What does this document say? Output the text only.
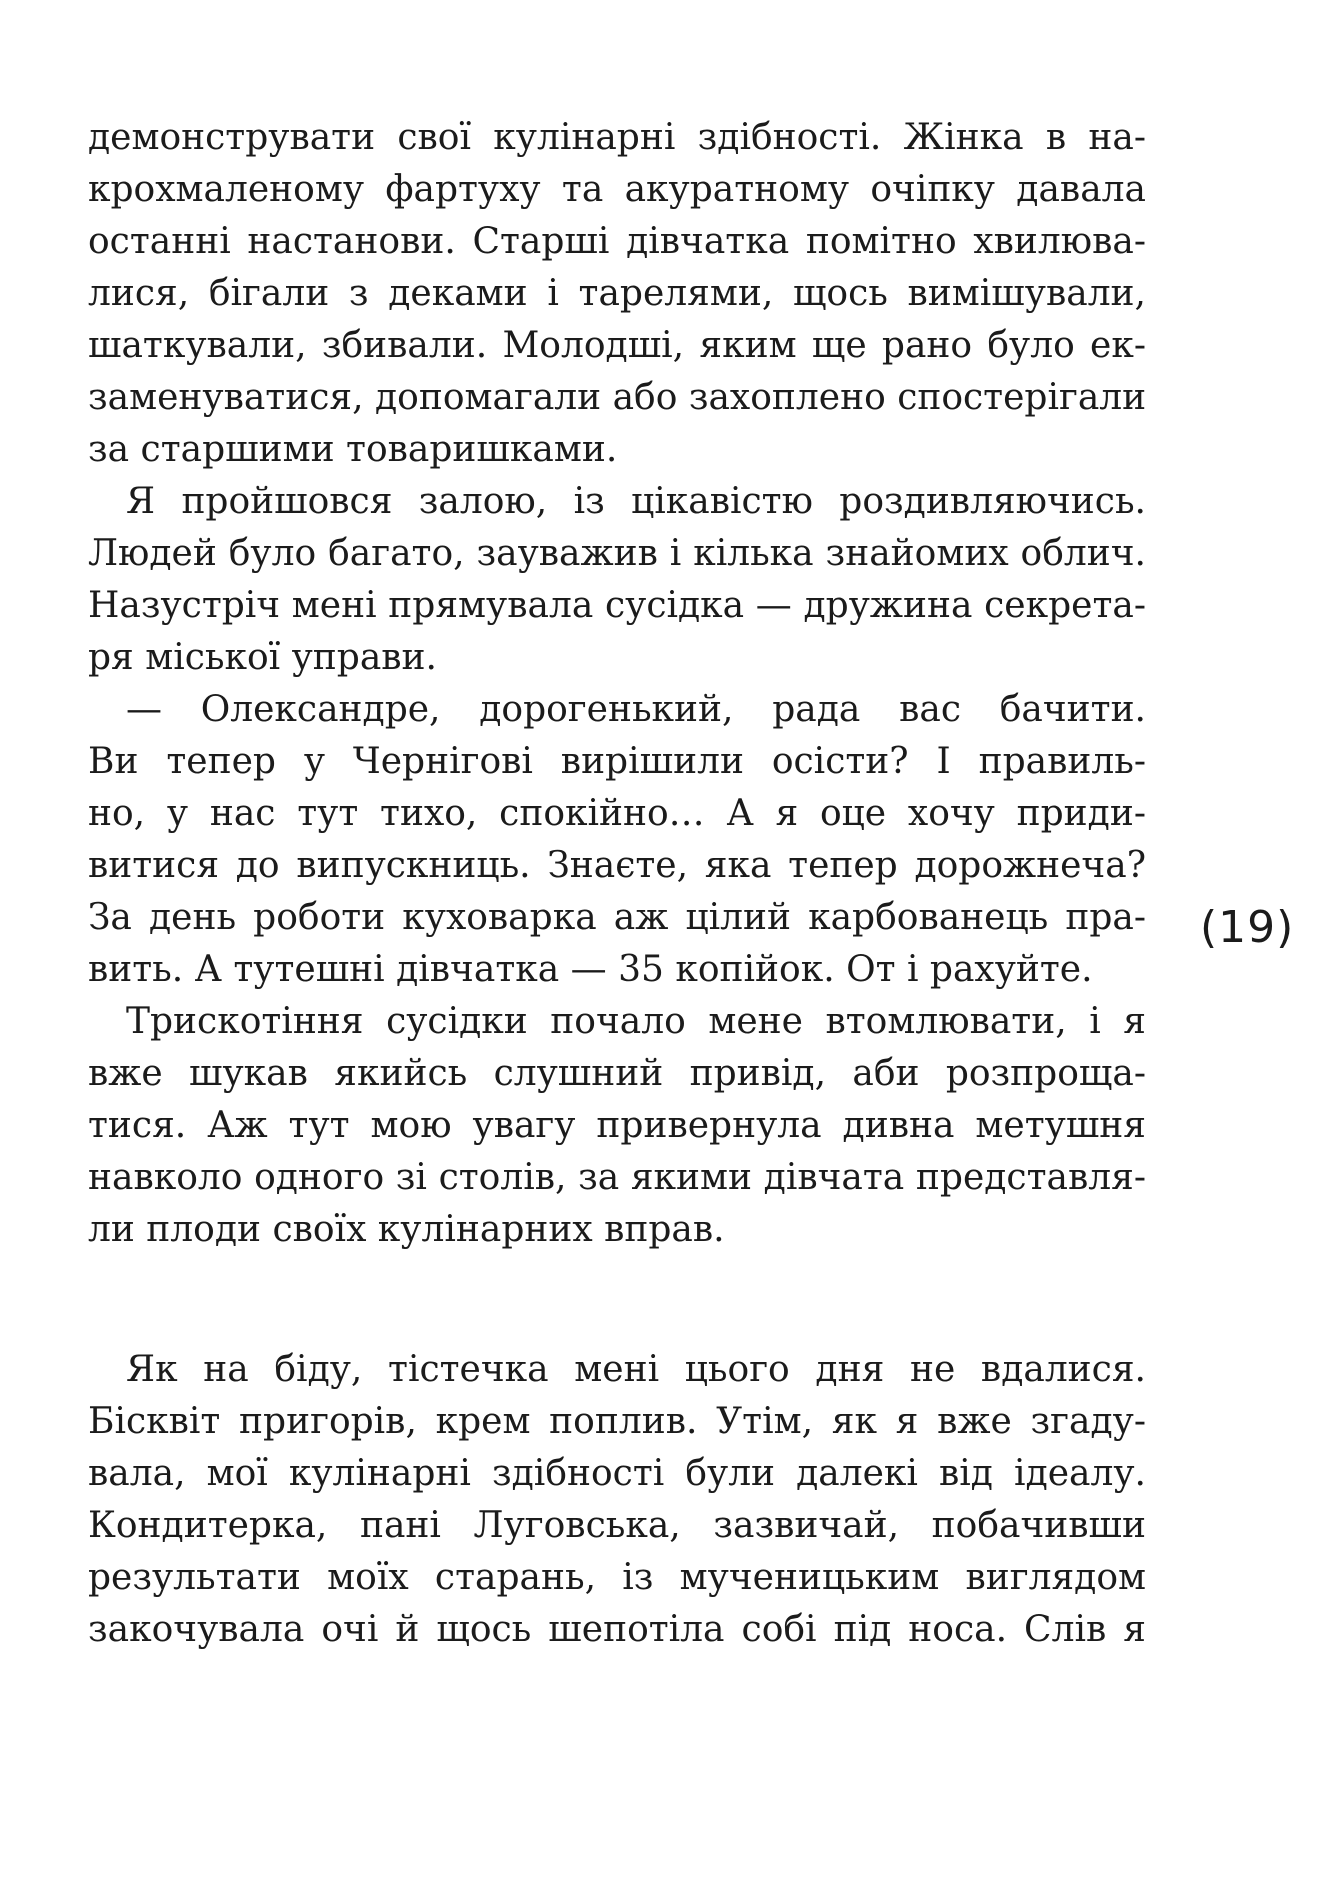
демонструвати свої кулінарні здібності. Жінка в на-
крохмаленому фартуху та акуратному очіпку давала
останні настанови. Старші дівчатка помітно хвилюва-
лися, бігали з деками і тарелями, щось вимішували,
шаткували, збивали. Молодші, яким ще рано було ек-
заменуватися, допомагали або захоплено спостерігали
за старшими товаришками.
Я пройшовся залою, із цікавістю роздивляючись.
Людей було багато, зауважив і кілька знайомих облич.
Назустріч мені прямувала сусідка — дружина секрета-
ря міської управи.
— Олександре, дорогенький, рада вас бачити.
Ви тепер у Чернігові вирішили осісти? І правиль-
но, у нас тут тихо, спокійно… А я оце хочу приди-
витися до випускниць. Знаєте, яка тепер дорожнеча?
За день роботи куховарка аж цілий карбованець пра-
вить. А тутешні дівчатка — 35 копійок. От і рахуйте.
Трискотіння сусідки почало мене втомлювати, і я
вже шукав якийсь слушний привід, аби розпроща-
тися. Аж тут мою увагу привернула дивна метушня
навколо одного зі столів, за якими дівчата представля-
ли плоди своїх кулінарних вправ.
(19)
Як на біду, тістечка мені цього дня не вдалися.
Бісквіт пригорів, крем поплив. Утім, як я вже згаду-
вала, мої кулінарні здібності були далекі від ідеалу.
Кондитерка, пані Луговська, зазвичай, побачивши
результати моїх старань, із мученицьким виглядом
закочувала очі й щось шепотіла собі під носа. Слів я
